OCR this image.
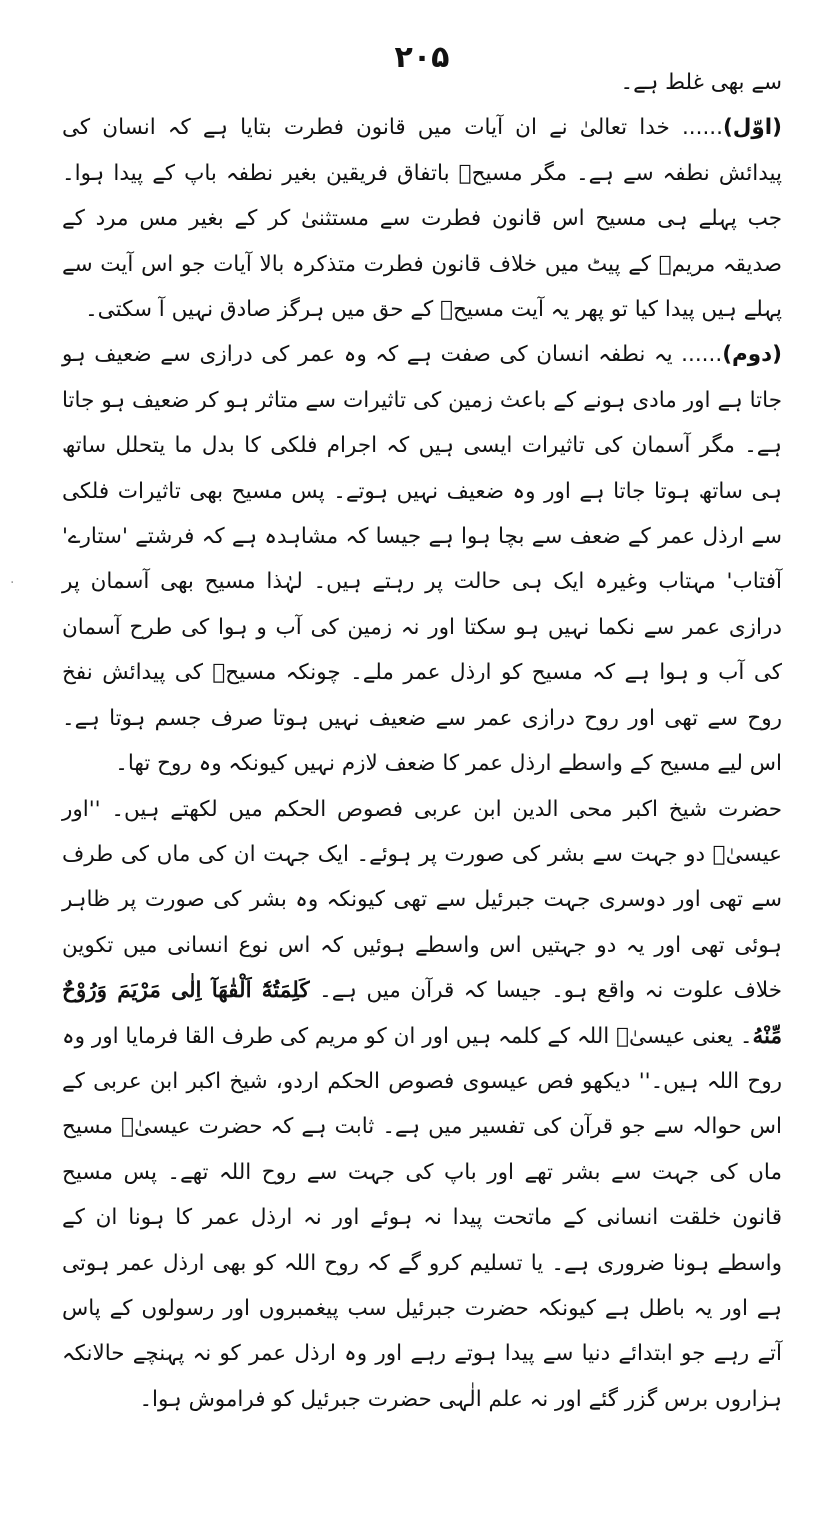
۲۰۵

سے بھی غلط ہے۔

(اوّل)...... خدا تعالیٰ نے ان آیات میں قانون فطرت بتایا ہے کہ انسان کی پیدائش نطفہ سے ہے۔ مگر مسیحؑ باتفاق فریقین بغیر نطفہ باپ کے پیدا ہوا۔ جب پہلے ہی مسیح اس قانون فطرت سے مستثنیٰ کر کے بغیر مس مرد کے صدیقہ مریمؑ کے پیٹ میں خلاف قانون فطرت متذکرہ بالا آیات جو اس آیت سے پہلے ہیں پیدا کیا تو پھر یہ آیت مسیحؑ کے حق میں ہرگز صادق نہیں آ سکتی۔

(دوم)...... یہ نطفہ انسان کی صفت ہے کہ وہ عمر کی درازی سے ضعیف ہو جاتا ہے اور مادی ہونے کے باعث زمین کی تاثیرات سے متاثر ہو کر ضعیف ہو جاتا ہے۔ مگر آسمان کی تاثیرات ایسی ہیں کہ اجرام فلکی کا بدل ما یتحلل ساتھ ہی ساتھ ہوتا جاتا ہے اور وہ ضعیف نہیں ہوتے۔ پس مسیح بھی تاثیرات فلکی سے ارذل عمر کے ضعف سے بچا ہوا ہے جیسا کہ مشاہدہ ہے کہ فرشتے 'ستارے' آفتاب' مہتاب وغیرہ ایک ہی حالت پر رہتے ہیں۔ لہٰذا مسیح بھی آسمان پر درازی عمر سے نکما نہیں ہو سکتا اور نہ زمین کی آب و ہوا کی طرح آسمان کی آب و ہوا ہے کہ مسیح کو ارذل عمر ملے۔ چونکہ مسیحؑ کی پیدائش نفخ روح سے تھی اور روح درازی عمر سے ضعیف نہیں ہوتا صرف جسم ہوتا ہے۔ اس لیے مسیح کے واسطے ارذل عمر کا ضعف لازم نہیں کیونکہ وہ روح تھا۔

حضرت شیخ اکبر محی الدین ابن عربی فصوص الحکم میں لکھتے ہیں۔ ''اور عیسیٰؑ دو جہت سے بشر کی صورت پر ہوئے۔ ایک جہت ان کی ماں کی طرف سے تھی اور دوسری جہت جبرئیل سے تھی کیونکہ وہ بشر کی صورت پر ظاہر ہوئی تھی اور یہ دو جہتیں اس واسطے ہوئیں کہ اس نوع انسانی میں تکوین خلاف علوت نہ واقع ہو۔ جیسا کہ قرآن میں ہے۔ كَلِمَتُهٗٓ اَلْقٰهَآ اِلٰى مَرْيَمَ وَرُوْحٌ مِّنْهُ۔ یعنی عیسیٰؑ اللہ کے کلمہ ہیں اور ان کو مریم کی طرف القا فرمایا اور وہ روح اللہ ہیں۔'' دیکھو فص عیسوی فصوص الحکم اردو، شیخ اکبر ابن عربی کے اس حوالہ سے جو قرآن کی تفسیر میں ہے۔ ثابت ہے کہ حضرت عیسیٰؑ مسیح ماں کی جہت سے بشر تھے اور باپ کی جہت سے روح اللہ تھے۔ پس مسیح قانون خلقت انسانی کے ماتحت پیدا نہ ہوئے اور نہ ارذل عمر کا ہونا ان کے واسطے ہونا ضروری ہے۔ یا تسلیم کرو گے کہ روح اللہ کو بھی ارذل عمر ہوتی ہے اور یہ باطل ہے کیونکہ حضرت جبرئیل سب پیغمبروں اور رسولوں کے پاس آتے رہے جو ابتدائے دنیا سے پیدا ہوتے رہے اور وہ ارذل عمر کو نہ پہنچے حالانکہ ہزاروں برس گزر گئے اور نہ علم الٰہی حضرت جبرئیل کو فراموش ہوا۔

·
